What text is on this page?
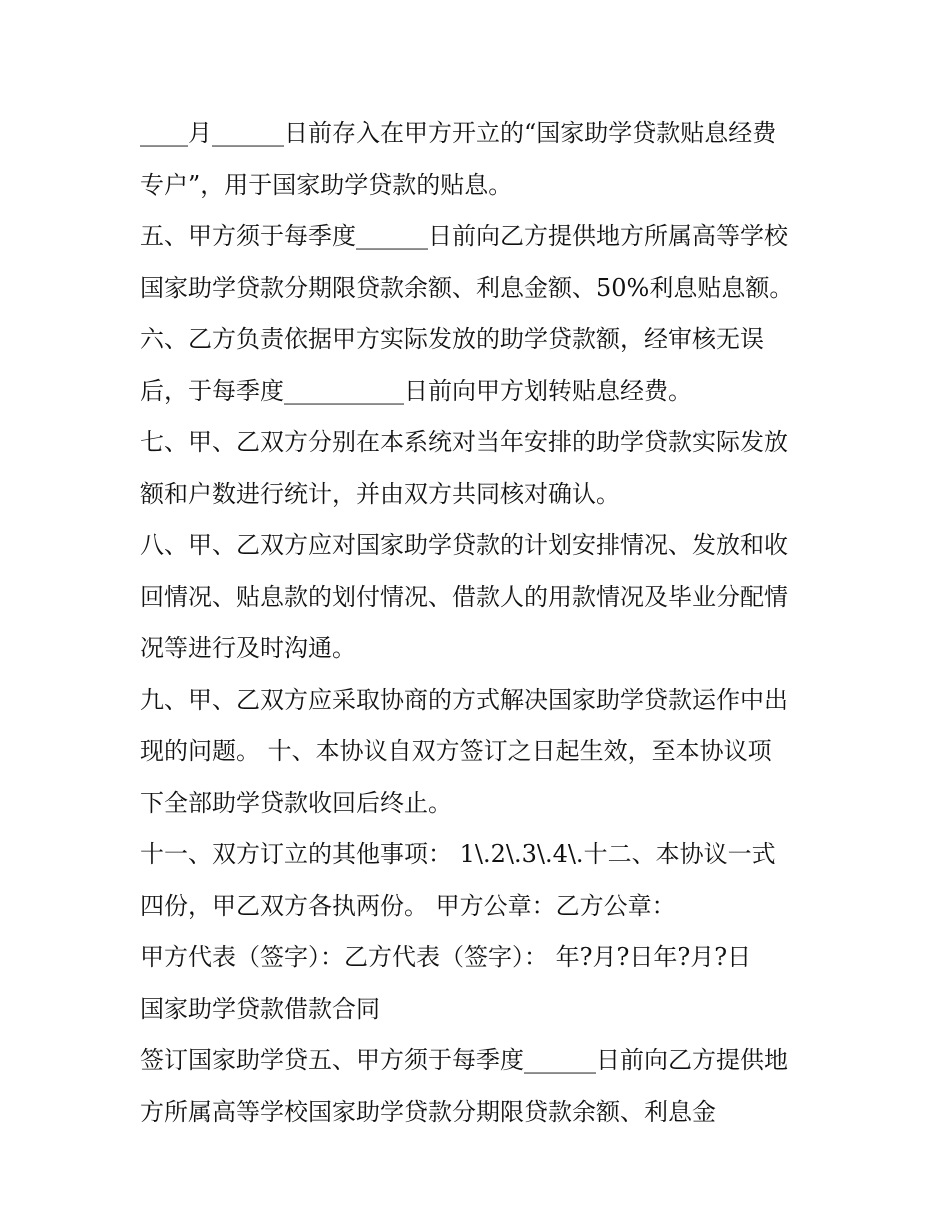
____月______日前存入在甲方开立的“国家助学贷款贴息经费

专户”，用于国家助学贷款的贴息。

五、甲方须于每季度______日前向乙方提供地方所属高等学校

国家助学贷款分期限贷款余额、利息金额、50%利息贴息额。

六、乙方负责依据甲方实际发放的助学贷款额，经审核无误

后，于每季度__________日前向甲方划转贴息经费。

七、甲、乙双方分别在本系统对当年安排的助学贷款实际发放

额和户数进行统计，并由双方共同核对确认。

八、甲、乙双方应对国家助学贷款的计划安排情况、发放和收

回情况、贴息款的划付情况、借款人的用款情况及毕业分配情

况等进行及时沟通。

九、甲、乙双方应采取协商的方式解决国家助学贷款运作中出

现的问题。 十、本协议自双方签订之日起生效，至本协议项

下全部助学贷款收回后终止。

十一、双方订立的其他事项： 1\.2\.3\.4\.十二、本协议一式

四份，甲乙双方各执两份。 甲方公章：乙方公章：

甲方代表（签字）：乙方代表（签字）： 年?月?日年?月?日

国家助学贷款借款合同

签订国家助学贷五、甲方须于每季度______日前向乙方提供地

方所属高等学校国家助学贷款分期限贷款余额、利息金
